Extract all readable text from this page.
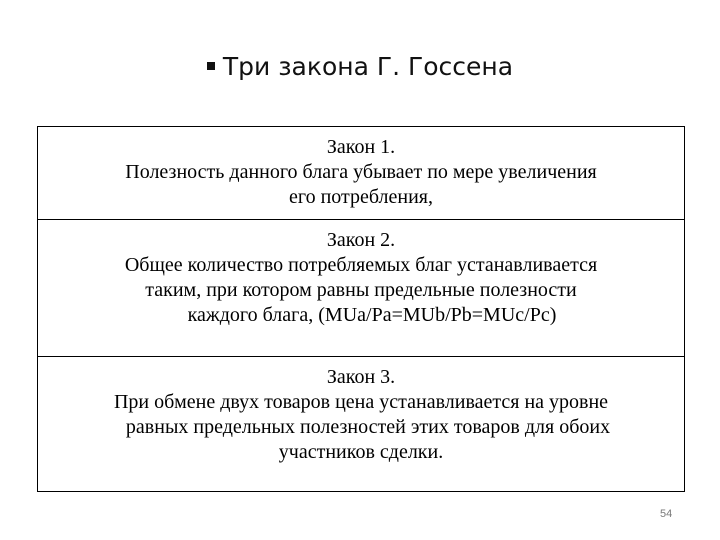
Три закона Г. Госсена
Закон 1.
Полезность данного блага убывает по мере увеличения
его потребления,
Закон 2.
Общее количество потребляемых благ устанавливается
таким, при котором равны предельные полезности
каждого блага, (MUa/Pa=MUb/Pb=MUc/Pc)
Закон 3.
При обмене двух товаров цена устанавливается на уровне
равных предельных полезностей этих товаров для обоих
участников сделки.
54
